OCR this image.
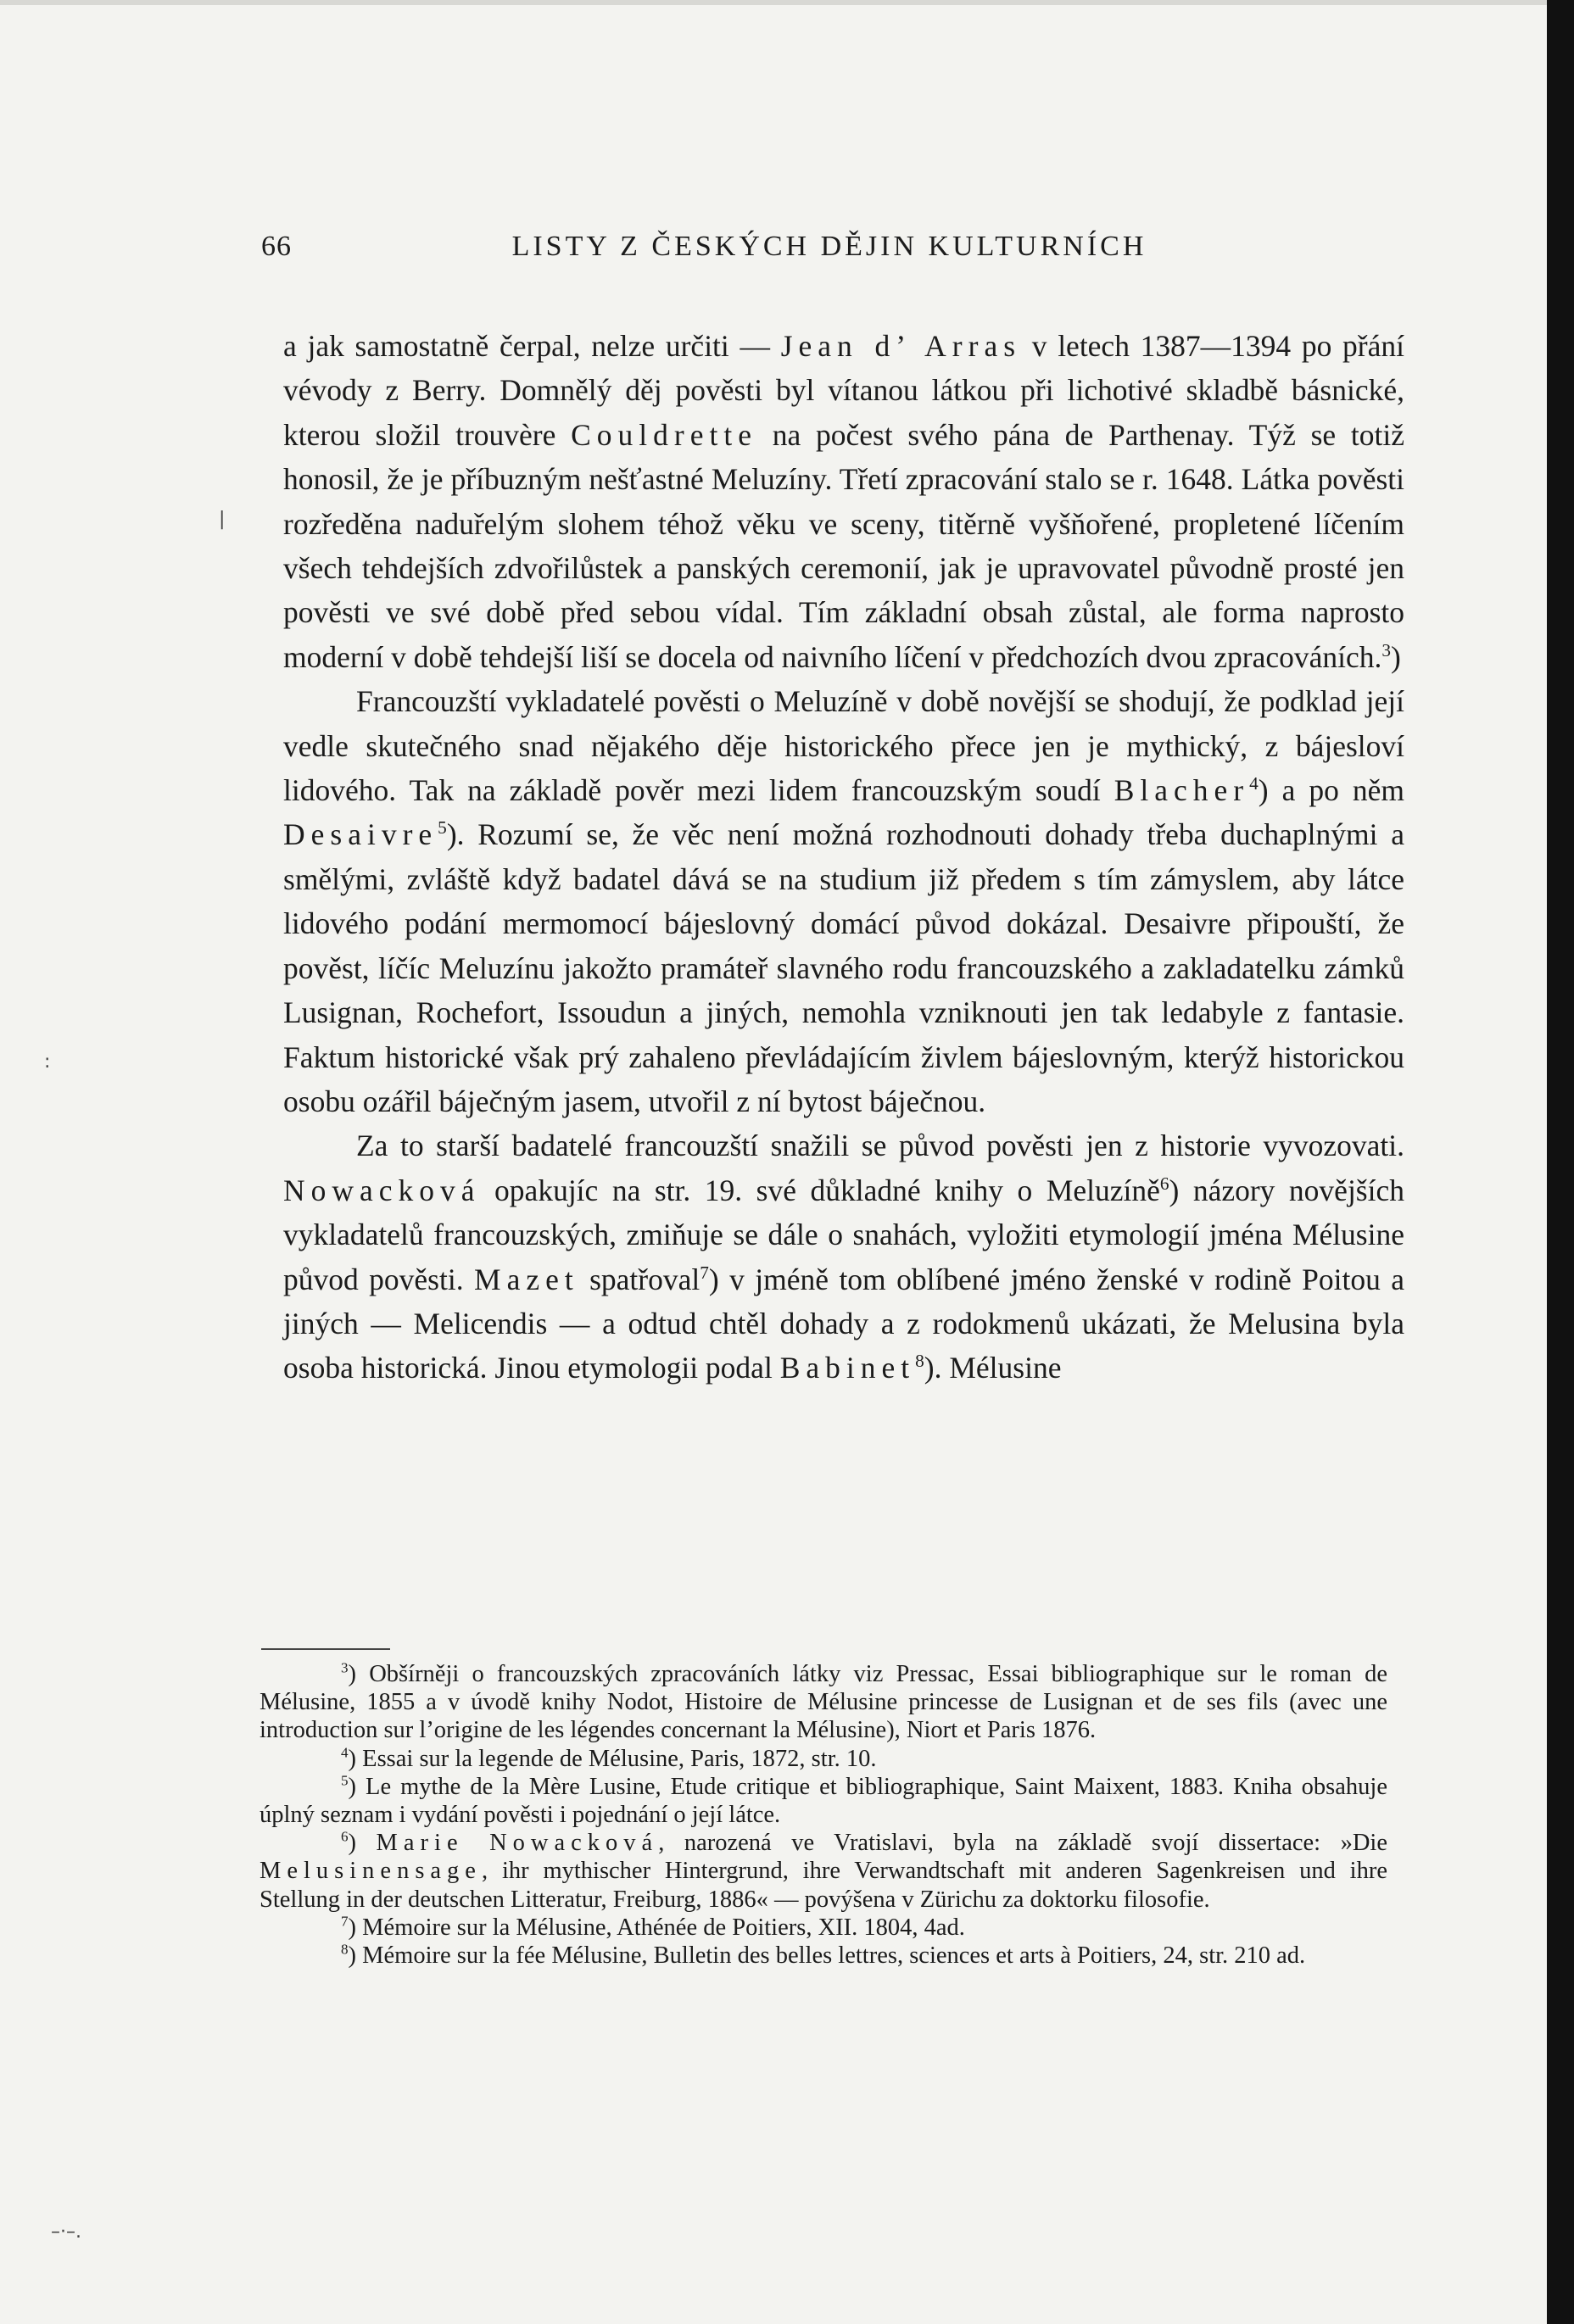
|
:
–·–.
66	LISTY Z ČESKÝCH DĚJIN KULTURNÍCH

a jak samostatně čerpal, nelze určiti — Jean d’ Arras v letech 1387—1394 po přání vévody z Berry. Domnělý děj pověsti byl vítanou látkou při lichotivé skladbě básnické, kterou složil trouvère Couldrette na počest svého pána de Parthenay. Týž se totiž honosil, že je příbuzným nešťastné Meluzíny. Třetí zpracování stalo se r. 1648. Látka pověsti rozředěna naduřelým slohem téhož věku ve sceny, titěrně vyšňořené, propletené líčením všech tehdejších zdvořilůstek a panských ceremonií, jak je upravovatel původně prosté jen pověsti ve své době před sebou vídal. Tím základní obsah zůstal, ale forma naprosto moderní v době tehdejší liší se docela od naivního líčení v předchozích dvou zpracováních.$^3$)

Francouzští vykladatelé pověsti o Meluzíně v době novější se shodují, že podklad její vedle skutečného snad nějakého děje historického přece jen je mythický, z bájesloví lidového. Tak na základě pověr mezi lidem francouzským soudí Blacher$^4$) a po něm Desaivre$^5$). Rozumí se, že věc není možná rozhodnouti dohady třeba duchaplnými a smělými, zvláště když badatel dává se na studium již předem s tím zámyslem, aby látce lidového podání mermomocí bájeslovný domácí původ dokázal. Desaivre připouští, že pověst, líčíc Meluzínu jakožto pramáteř slavného rodu francouzského a zakladatelku zámků Lusignan, Rochefort, Issoudun a jiných, nemohla vzniknouti jen tak ledabyle z fantasie. Faktum historické však prý zahaleno převládajícím živlem bájeslovným, kterýž historickou osobu ozářil báječným jasem, utvořil z ní bytost báječnou.

Za to starší badatelé francouzští snažili se původ pověsti jen z historie vyvozovati. Nowacková opakujíc na str. 19. své důkladné knihy o Meluzíně$^6$) názory novějších vykladatelů francouzských, zmiňuje se dále o snahách, vyložiti etymologií jména Mélusine původ pověsti. Mazet spatřoval$^7$) v jméně tom oblíbené jméno ženské v rodině Poitou a jiných — Melicendis — a odtud chtěl dohady a z rodokmenů ukázati, že Melusina byla osoba historická. Jinou etymologii podal Babinet$^8$). Mélusine

$^3$) Obšírněji o francouzských zpracováních látky viz Pressac, Essai bibliographique sur le roman de Mélusine, 1855 a v úvodě knihy Nodot, Histoire de Mélusine princesse de Lusignan et de ses fils (avec une introduction sur l’origine de les légendes concernant la Mélusine), Niort et Paris 1876.

$^4$) Essai sur la legende de Mélusine, Paris, 1872, str. 10.

$^5$) Le mythe de la Mère Lusine, Etude critique et bibliographique, Saint Maixent, 1883. Kniha obsahuje úplný seznam i vydání pověsti i pojednání o její látce.

$^6$) Marie Nowacková, narozená ve Vratislavi, byla na základě svojí dissertace: »Die Melusinensage, ihr mythischer Hintergrund, ihre Verwandtschaft mit anderen Sagenkreisen und ihre Stellung in der deutschen Litteratur, Freiburg, 1886« — povýšena v Zürichu za doktorku filosofie.

$^7$) Mémoire sur la Mélusine, Athénée de Poitiers, XII. 1804, 4ad.

$^8$) Mémoire sur la fée Mélusine, Bulletin des belles lettres, sciences et arts à Poitiers, 24, str. 210 ad.
